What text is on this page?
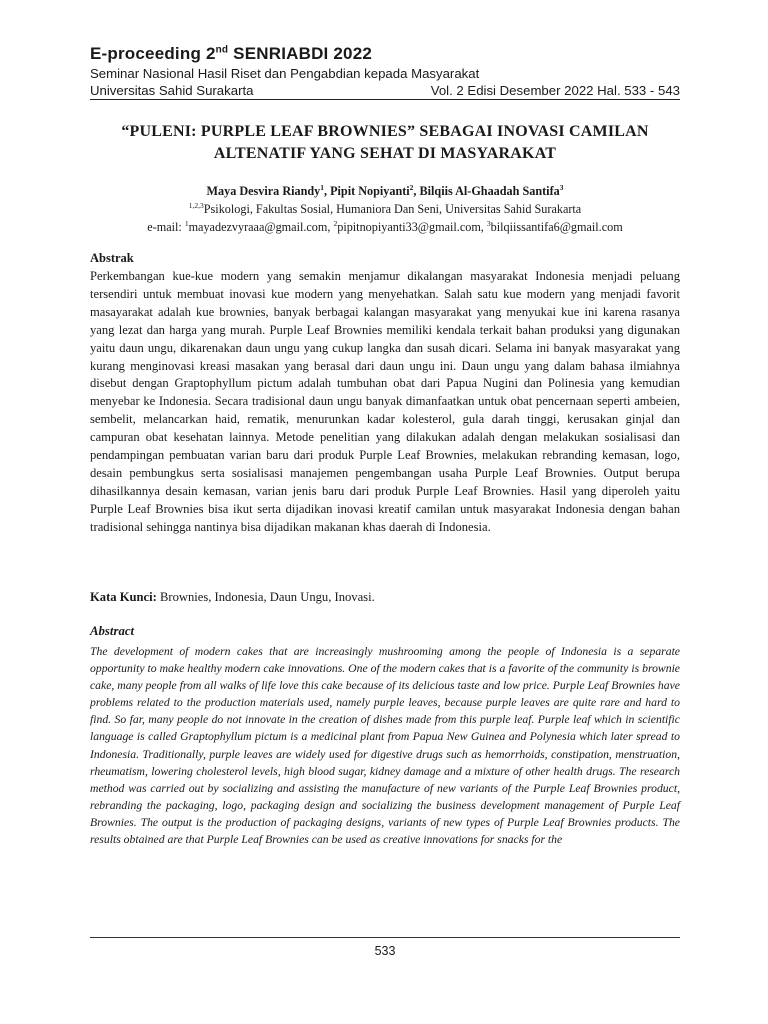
E-proceeding 2nd SENRIABDI 2022
Seminar Nasional Hasil Riset dan Pengabdian kepada Masyarakat
Universitas Sahid Surakarta	Vol. 2 Edisi Desember 2022 Hal. 533 - 543
“PULENI: PURPLE LEAF BROWNIES” SEBAGAI INOVASI CAMILAN
ALTENATIF YANG SEHAT DI MASYARAKAT
Maya Desvira Riandy$^1$, Pipit Nopiyanti$^2$, Bilqiis Al-Ghaadah Santifa$^3$
$^{1,2,3}$Psikologi, Fakultas Sosial, Humaniora Dan Seni, Universitas Sahid Surakarta
e-mail: $^1$mayadezvyraaa@gmail.com, $^2$pipitnopiyanti33@gmail.com, $^3$bilqiissantifa6@gmail.com
Abstrak
Perkembangan kue-kue modern yang semakin menjamur dikalangan masyarakat Indonesia menjadi peluang tersendiri untuk membuat inovasi kue modern yang menyehatkan. Salah satu kue modern yang menjadi favorit masayarakat adalah kue brownies, banyak berbagai kalangan masyarakat yang menyukai kue ini karena rasanya yang lezat dan harga yang murah. Purple Leaf Brownies memiliki kendala terkait bahan produksi yang digunakan yaitu daun ungu, dikarenakan daun ungu yang cukup langka dan susah dicari. Selama ini banyak masyarakat yang kurang menginovasi kreasi masakan yang berasal dari daun ungu ini. Daun ungu yang dalam bahasa ilmiahnya disebut dengan Graptophyllum pictum adalah tumbuhan obat dari Papua Nugini dan Polinesia yang kemudian menyebar ke Indonesia. Secara tradisional daun ungu banyak dimanfaatkan untuk obat pencernaan seperti ambeien, sembelit, melancarkan haid, rematik, menurunkan kadar kolesterol, gula darah tinggi, kerusakan ginjal dan campuran obat kesehatan lainnya. Metode penelitian yang dilakukan adalah dengan melakukan sosialisasi dan pendampingan pembuatan varian baru dari produk Purple Leaf Brownies, melakukan rebranding kemasan, logo, desain pembungkus serta sosialisasi manajemen pengembangan usaha Purple Leaf Brownies. Output berupa dihasilkannya desain kemasan, varian jenis baru dari produk Purple Leaf Brownies. Hasil yang diperoleh yaitu Purple Leaf Brownies bisa ikut serta dijadikan inovasi kreatif camilan untuk masyarakat Indonesia dengan bahan tradisional sehingga nantinya bisa dijadikan makanan khas daerah di Indonesia.
Kata Kunci: Brownies, Indonesia, Daun Ungu, Inovasi.
Abstract
The development of modern cakes that are increasingly mushrooming among the people of Indonesia is a separate opportunity to make healthy modern cake innovations. One of the modern cakes that is a favorite of the community is brownie cake, many people from all walks of life love this cake because of its delicious taste and low price. Purple Leaf Brownies have problems related to the production materials used, namely purple leaves, because purple leaves are quite rare and hard to find. So far, many people do not innovate in the creation of dishes made from this purple leaf. Purple leaf which in scientific language is called Graptophyllum pictum is a medicinal plant from Papua New Guinea and Polynesia which later spread to Indonesia. Traditionally, purple leaves are widely used for digestive drugs such as hemorrhoids, constipation, menstruation, rheumatism, lowering cholesterol levels, high blood sugar, kidney damage and a mixture of other health drugs. The research method was carried out by socializing and assisting the manufacture of new variants of the Purple Leaf Brownies product, rebranding the packaging, logo, packaging design and socializing the business development management of Purple Leaf Brownies. The output is the production of packaging designs, variants of new types of Purple Leaf Brownies products. The results obtained are that Purple Leaf Brownies can be used as creative innovations for snacks for the
533
